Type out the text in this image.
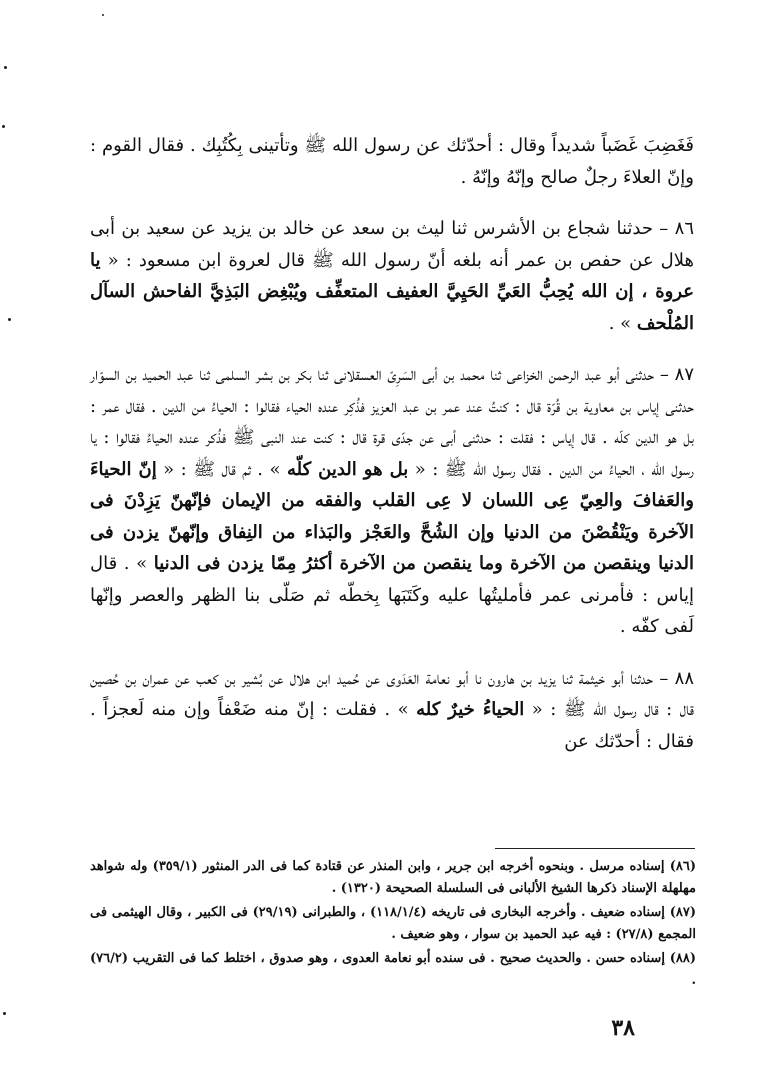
فَغَضِبَ غَضَباً شديداً وقال : أحدّثك عن رسول الله ﷺ وتأتينى بِكُتُبِك . فقال القوم : وإنّ العلاءَ رجلٌ صالح وإنّهُ وإنّهُ .

٨٦ – حدثنا شجاع بن الأشرس ثنا ليث بن سعد عن خالد بن يزيد عن سعيد بن أبى هلال عن حفص بن عمر أنه بلغه أنّ رسول الله ﷺ قال لعروة ابن مسعود : « يا عروة ، إن الله يُحِبُّ العَيِّ الحَيِيَّ العفيف المتعفِّف ويُبْغِض البَذِيَّ الفاحش السآل المُلْحف » .

٨٧ – حدثنى أبو عبد الرحمن الخزاعى ثنا محمد بن أبى السَرِىّ العسقلانى ثنا بكر بن بشر السلمى ثنا عبد الحميد بن السوّار حدثنى إياس بن معاوية بن قُرّة قال : كنتُ عند عمر بن عبد العزيز فذُكِر عنده الحياء فقالوا : الحياءُ من الدين . فقال عمر : بل هو الدين كلّه . قال إياس : فقلت : حدثنى أبى عن جدّى قرة قال : كنت عند النبى ﷺ فذُكر عنده الحياءُ فقالوا : يا رسول الله ، الحياءُ من الدين . فقال رسول الله ﷺ : « بل هو الدين كلّه » . ثم قال ﷺ : « إنّ الحياءَ والعَفافَ والعِيّ عِى اللسان لا عِى القلب والفقه من الإيمان فإنّهنّ يَزِدْنَ فى الآخرة ويَنْقُصْنَ من الدنيا وإن الشُحَّ والعَجْز والبَذاء من النِفاق وإنّهنّ يزدن فى الدنيا وينقصن من الآخرة وما ينقصن من الآخرة أكثرُ مِمّا يزدن فى الدنيا » . قال إياس : فأمرنى عمر فأمليتُها عليه وكَتَبَها بِخطّه ثم صَلّى بنا الظهر والعصر وإنّها لَفى كفّه .

٨٨ – حدثنا أبو خيثمة ثنا يزيد بن هارون نا أبو نعامة العَدَوى عن حُميد ابن هلال عن بُشير بن كعب عن عمران بن حُصين قال : قال رسول الله ﷺ : « الحياءُ خيرٌ كله » . فقلت : إنّ منه ضَعْفاً وإن منه لَعجزاً . فقال : أحدّثك عن

(٨٦) إسناده مرسل . وبنحوه أخرجه ابن جرير ، وابن المنذر عن قتادة كما فى الدر المنثور (٣٥٩/١) وله شواهد مهلهلة الإسناد ذكرها الشيخ الألبانى فى السلسلة الصحيحة (١٣٢٠) .

(٨٧) إسناده ضعيف . وأخرجه البخارى فى تاريخه (١١٨/١/٤) ، والطبرانى (٢٩/١٩) فى الكبير ، وقال الهيثمى فى المجمع (٢٧/٨) : فيه عبد الحميد بن سوار ، وهو ضعيف .

(٨٨) إسناده حسن . والحديث صحيح . فى سنده أبو نعامة العدوى ، وهو صدوق ، اختلط كما فى التقريب (٧٦/٢) .

٣٨
